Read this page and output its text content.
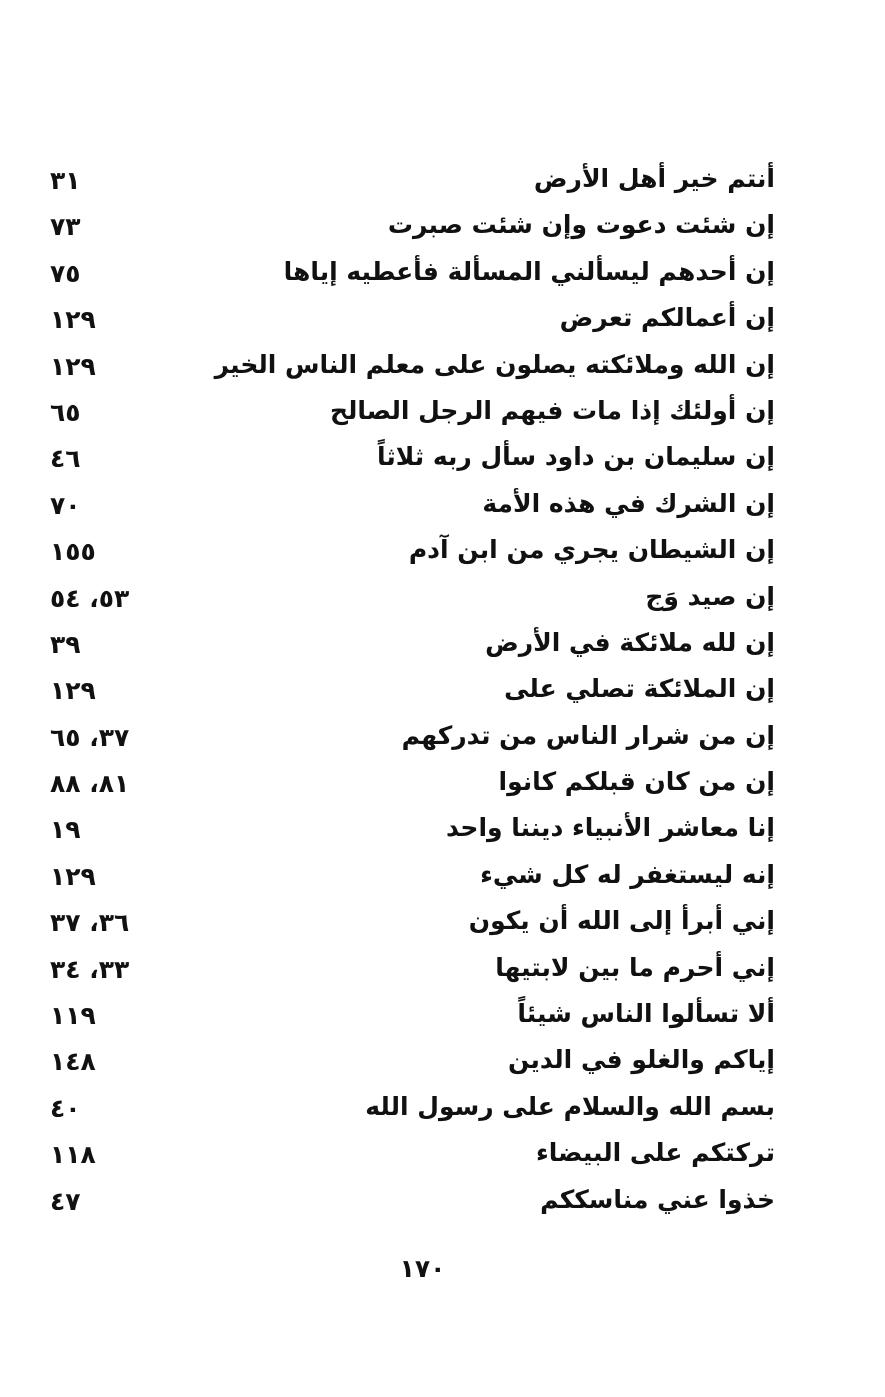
أنتم خير أهل الأرض
٣١
إن شئت دعوت وإن شئت صبرت
٧٣
إن أحدهم ليسألني المسألة فأعطيه إياها
٧٥
إن أعمالكم تعرض
١٢٩
إن الله وملائكته يصلون على معلم الناس الخير
١٢٩
إن أولئك إذا مات فيهم الرجل الصالح
٦٥
إن سليمان بن داود سأل ربه ثلاثاً
٤٦
إن الشرك في هذه الأمة
٧٠
إن الشيطان يجري من ابن آدم
١٥٥
إن صيد وَج
٥٣، ٥٤
إن لله ملائكة في الأرض
٣٩
إن الملائكة تصلي على
١٢٩
إن من شرار الناس من تدركهم
٣٧، ٦٥
إن من كان قبلكم كانوا
٨١، ٨٨
إنا معاشر الأنبياء ديننا واحد
١٩
إنه ليستغفر له كل شيء
١٢٩
إني أبرأ إلى الله أن يكون
٣٦، ٣٧
إني أحرم ما بين لابتيها
٣٣، ٣٤
ألا تسألوا الناس شيئاً
١١٩
إياكم والغلو في الدين
١٤٨
بسم الله والسلام على رسول الله
٤٠
تركتكم على البيضاء
١١٨
خذوا عني مناسككم
٤٧
١٧٠
